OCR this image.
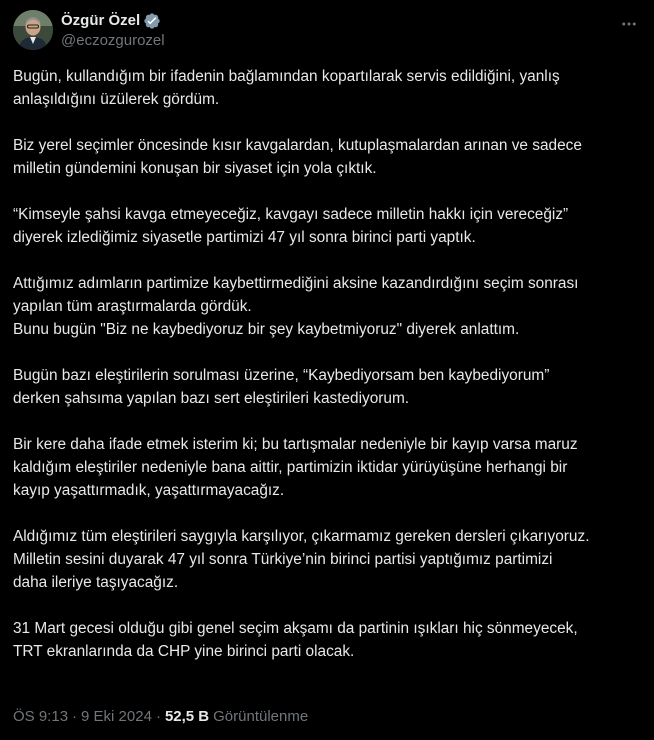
Özgür Özel
@eczozgurozel

Bugün, kullandığım bir ifadenin bağlamından kopartılarak servis edildiğini, yanlış
anlaşıldığını üzülerek gördüm.

Biz yerel seçimler öncesinde kısır kavgalardan, kutuplaşmalardan arınan ve sadece
milletin gündemini konuşan bir siyaset için yola çıktık.

“Kimseyle şahsi kavga etmeyeceğiz, kavgayı sadece milletin hakkı için vereceğiz”
diyerek izlediğimiz siyasetle partimizi 47 yıl sonra birinci parti yaptık.

Attığımız adımların partimize kaybettirmediğini aksine kazandırdığını seçim sonrası
yapılan tüm araştırmalarda gördük.
Bunu bugün "Biz ne kaybediyoruz bir şey kaybetmiyoruz" diyerek anlattım.

Bugün bazı eleştirilerin sorulması üzerine, “Kaybediyorsam ben kaybediyorum”
derken şahsıma yapılan bazı sert eleştirileri kastediyorum.

Bir kere daha ifade etmek isterim ki; bu tartışmalar nedeniyle bir kayıp varsa maruz
kaldığım eleştiriler nedeniyle bana aittir, partimizin iktidar yürüyüşüne herhangi bir
kayıp yaşattırmadık, yaşattırmayacağız.

Aldığımız tüm eleştirileri saygıyla karşılıyor, çıkarmamız gereken dersleri çıkarıyoruz.
Milletin sesini duyarak 47 yıl sonra Türkiye’nin birinci partisi yaptığımız partimizi
daha ileriye taşıyacağız.

31 Mart gecesi olduğu gibi genel seçim akşamı da partinin ışıkları hiç sönmeyecek,
TRT ekranlarında da CHP yine birinci parti olacak.

ÖS 9:13 · 9 Eki 2024 · 52,5 B Görüntülenme
